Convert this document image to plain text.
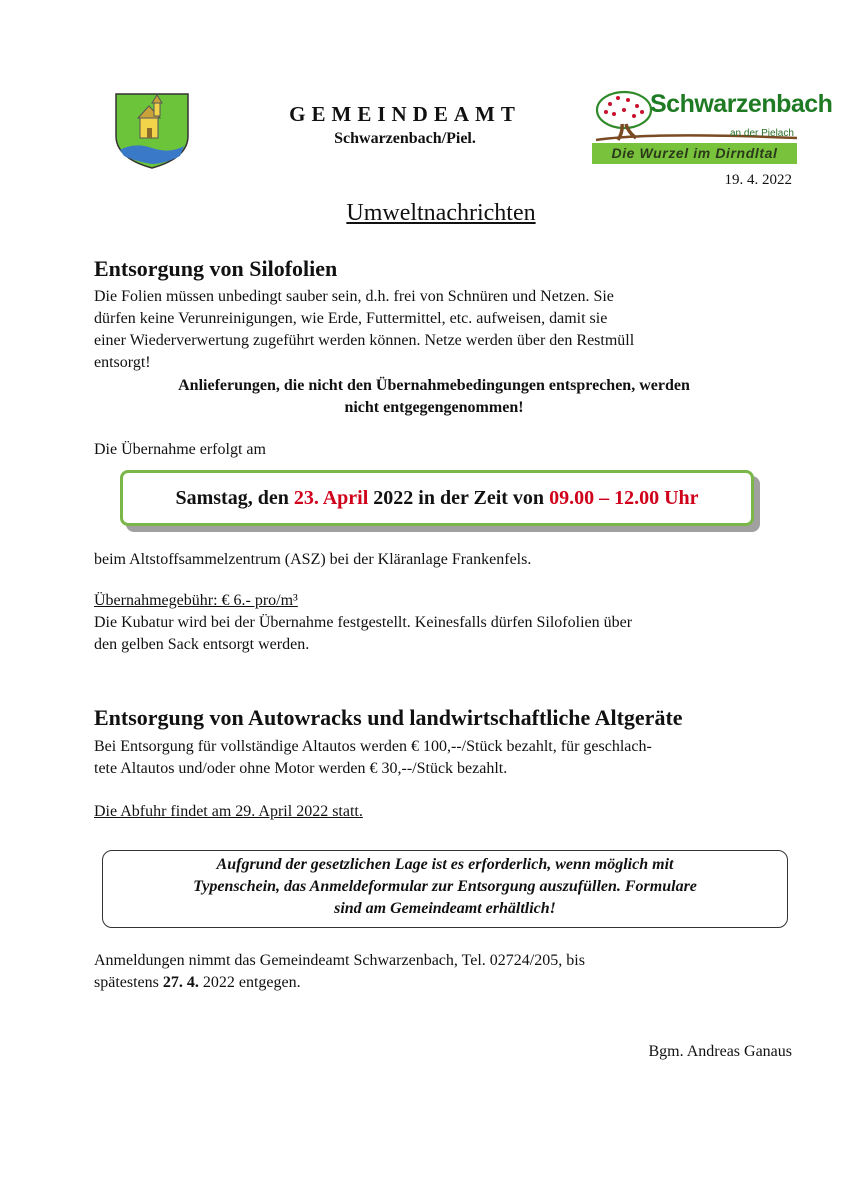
GEMEINDEAMT
Schwarzenbach/Piel.
Schwarzenbach
an der Pielach
Die Wurzel im Dirndltal
19. 4. 2022
Umweltnachrichten
Entsorgung von Silofolien
Die Folien müssen unbedingt sauber sein, d.h. frei von Schnüren und Netzen. Sie
dürfen keine Verunreinigungen, wie Erde, Futtermittel, etc. aufweisen, damit sie
einer Wiederverwertung zugeführt werden können. Netze werden über den Restmüll
entsorgt!
Anlieferungen, die nicht den Übernahmebedingungen entsprechen, werden
nicht entgegengenommen!
Die Übernahme erfolgt am
Samstag, den 23. April 2022 in der Zeit von 09.00 – 12.00 Uhr
beim Altstoffsammelzentrum (ASZ) bei der Kläranlage Frankenfels.
Übernahmegebühr: € 6.- pro/m³
Die Kubatur wird bei der Übernahme festgestellt. Keinesfalls dürfen Silofolien über
den gelben Sack entsorgt werden.
Entsorgung von Autowracks und landwirtschaftliche Altgeräte
Bei Entsorgung für vollständige Altautos werden € 100,--/Stück bezahlt, für geschlach-
tete Altautos und/oder ohne Motor werden € 30,--/Stück bezahlt.
Die Abfuhr findet am 29. April 2022 statt.
Aufgrund der gesetzlichen Lage ist es erforderlich, wenn möglich mit
Typenschein, das Anmeldeformular zur Entsorgung auszufüllen. Formulare
sind am Gemeindeamt erhältlich!
Anmeldungen nimmt das Gemeindeamt Schwarzenbach, Tel. 02724/205, bis
spätestens 27. 4. 2022 entgegen.
Bgm. Andreas Ganaus
